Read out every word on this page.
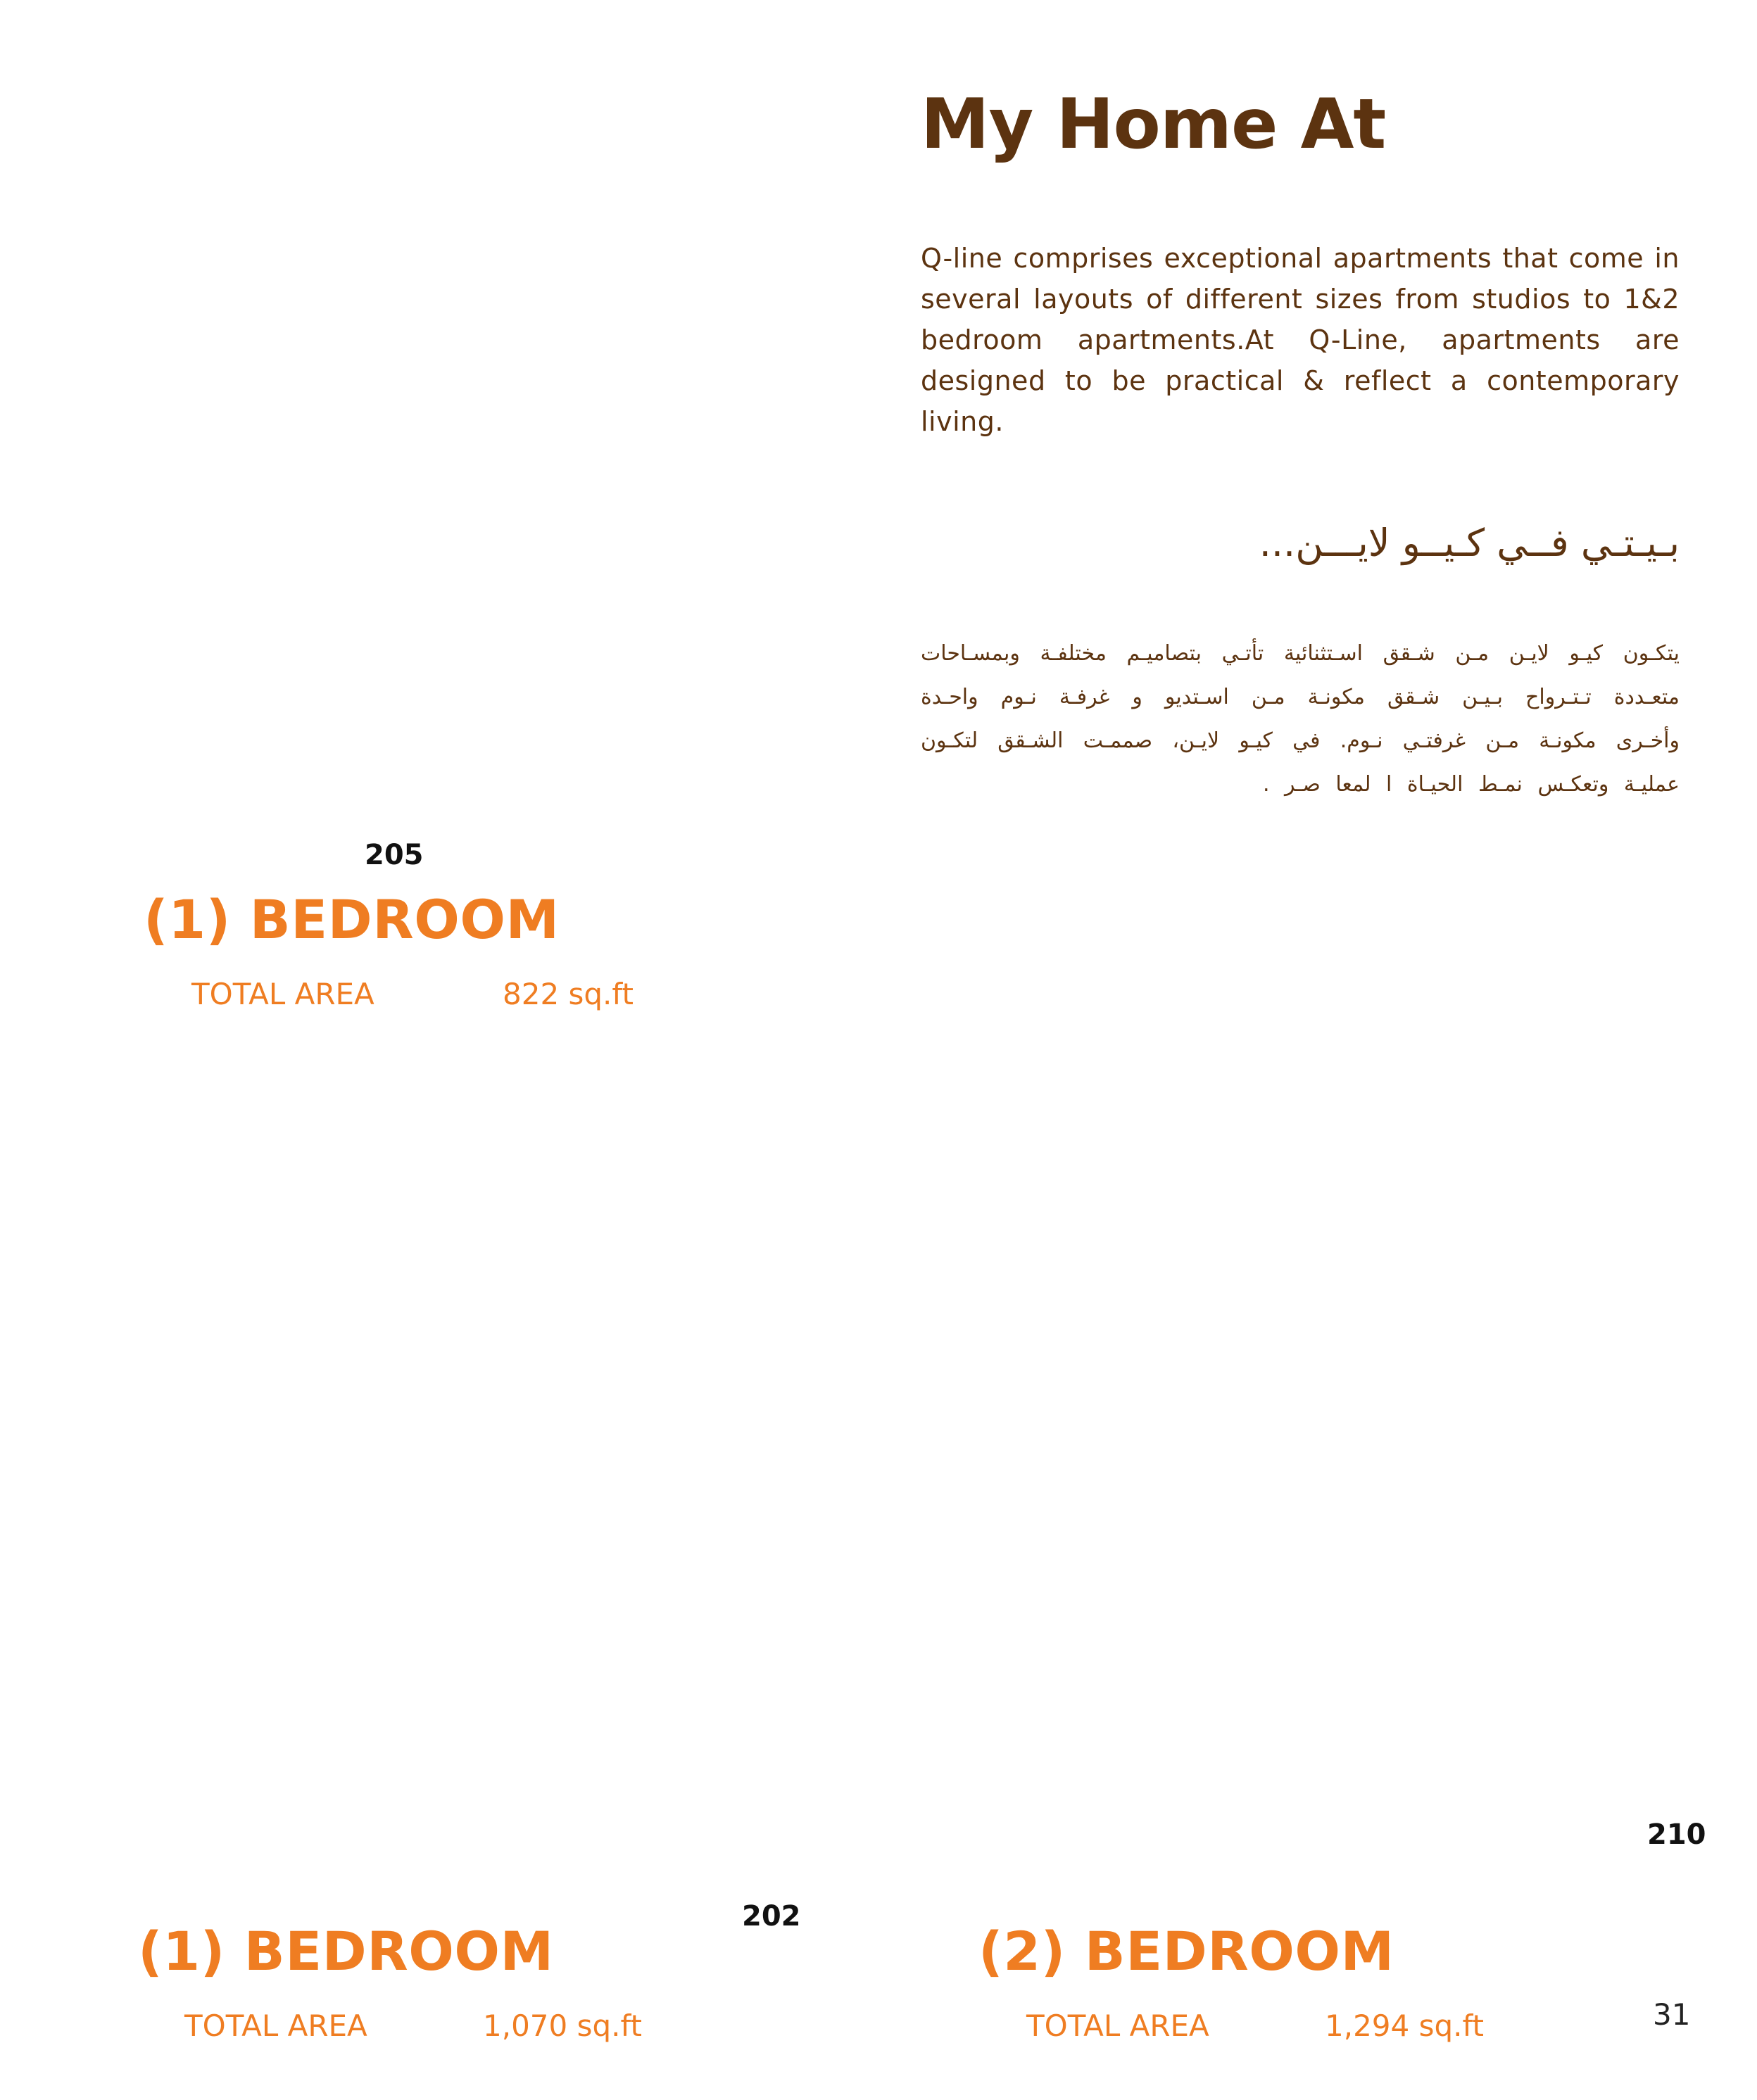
My Home At
Q-line comprises exceptional apartments that come in several layouts of different sizes from studios to 1&2 bedroom apartments.At Q-Line, apartments are designed to be practical & reflect a contemporary living.
بـيـتـي فــي كـيــو لايـــن...
يتكـون كيـو لايـن مـن شـقق اسـتثنائية تأتـي بتصاميـم مختلفـة وبمسـاحات متعـددة تـتـرواح بـيـن شـقق مكونـة مـن اسـتديو و غرفـة نـوم واحـدة وأخـرى مكونـة مـن غرفتـي نـوم. في كيـو لايـن، صممـت الشـقق لتكـون عمليـة وتعكـس نمـط الحيـاة ا لمعا صـر .
205
(1) BEDROOM
TOTAL AREA	822 sq.ft
202
(1) BEDROOM
TOTAL AREA	1,070 sq.ft
210
(2) BEDROOM
TOTAL AREA	1,294 sq.ft	31
